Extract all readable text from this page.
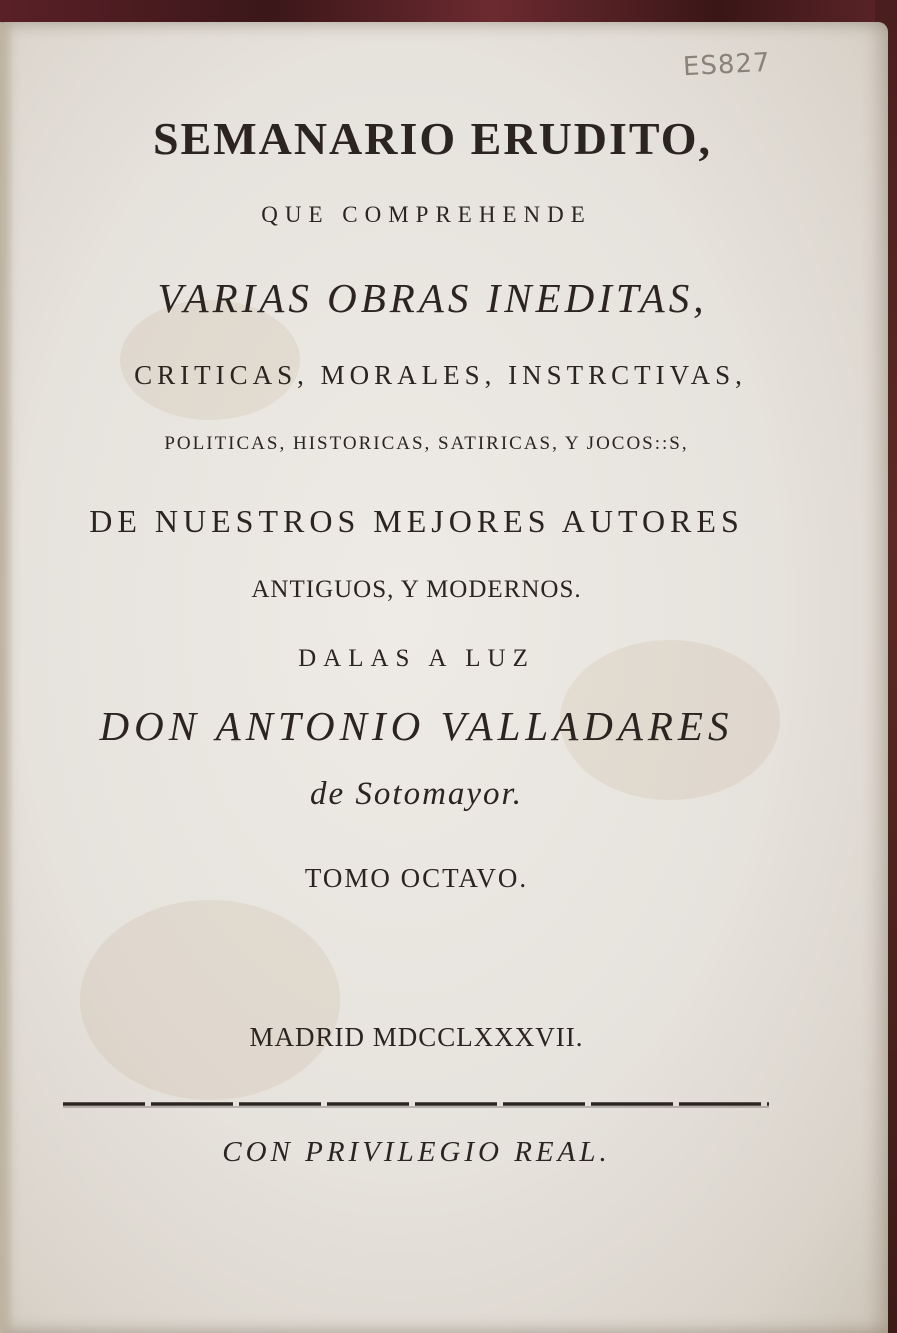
ES827
SEMANARIO ERUDITO,
QUE COMPREHENDE
VARIAS OBRAS INEDITAS,
CRITICAS, MORALES, INSTRCTIVAS,
POLITICAS, HISTORICAS, SATIRICAS, Y JOCOS::S,
DE NUESTROS MEJORES AUTORES
ANTIGUOS, Y MODERNOS.
DALAS A LUZ
DON ANTONIO VALLADARES
de Sotomayor.
TOMO OCTAVO.
MADRID MDCCLXXXVII.
CON PRIVILEGIO REAL.
